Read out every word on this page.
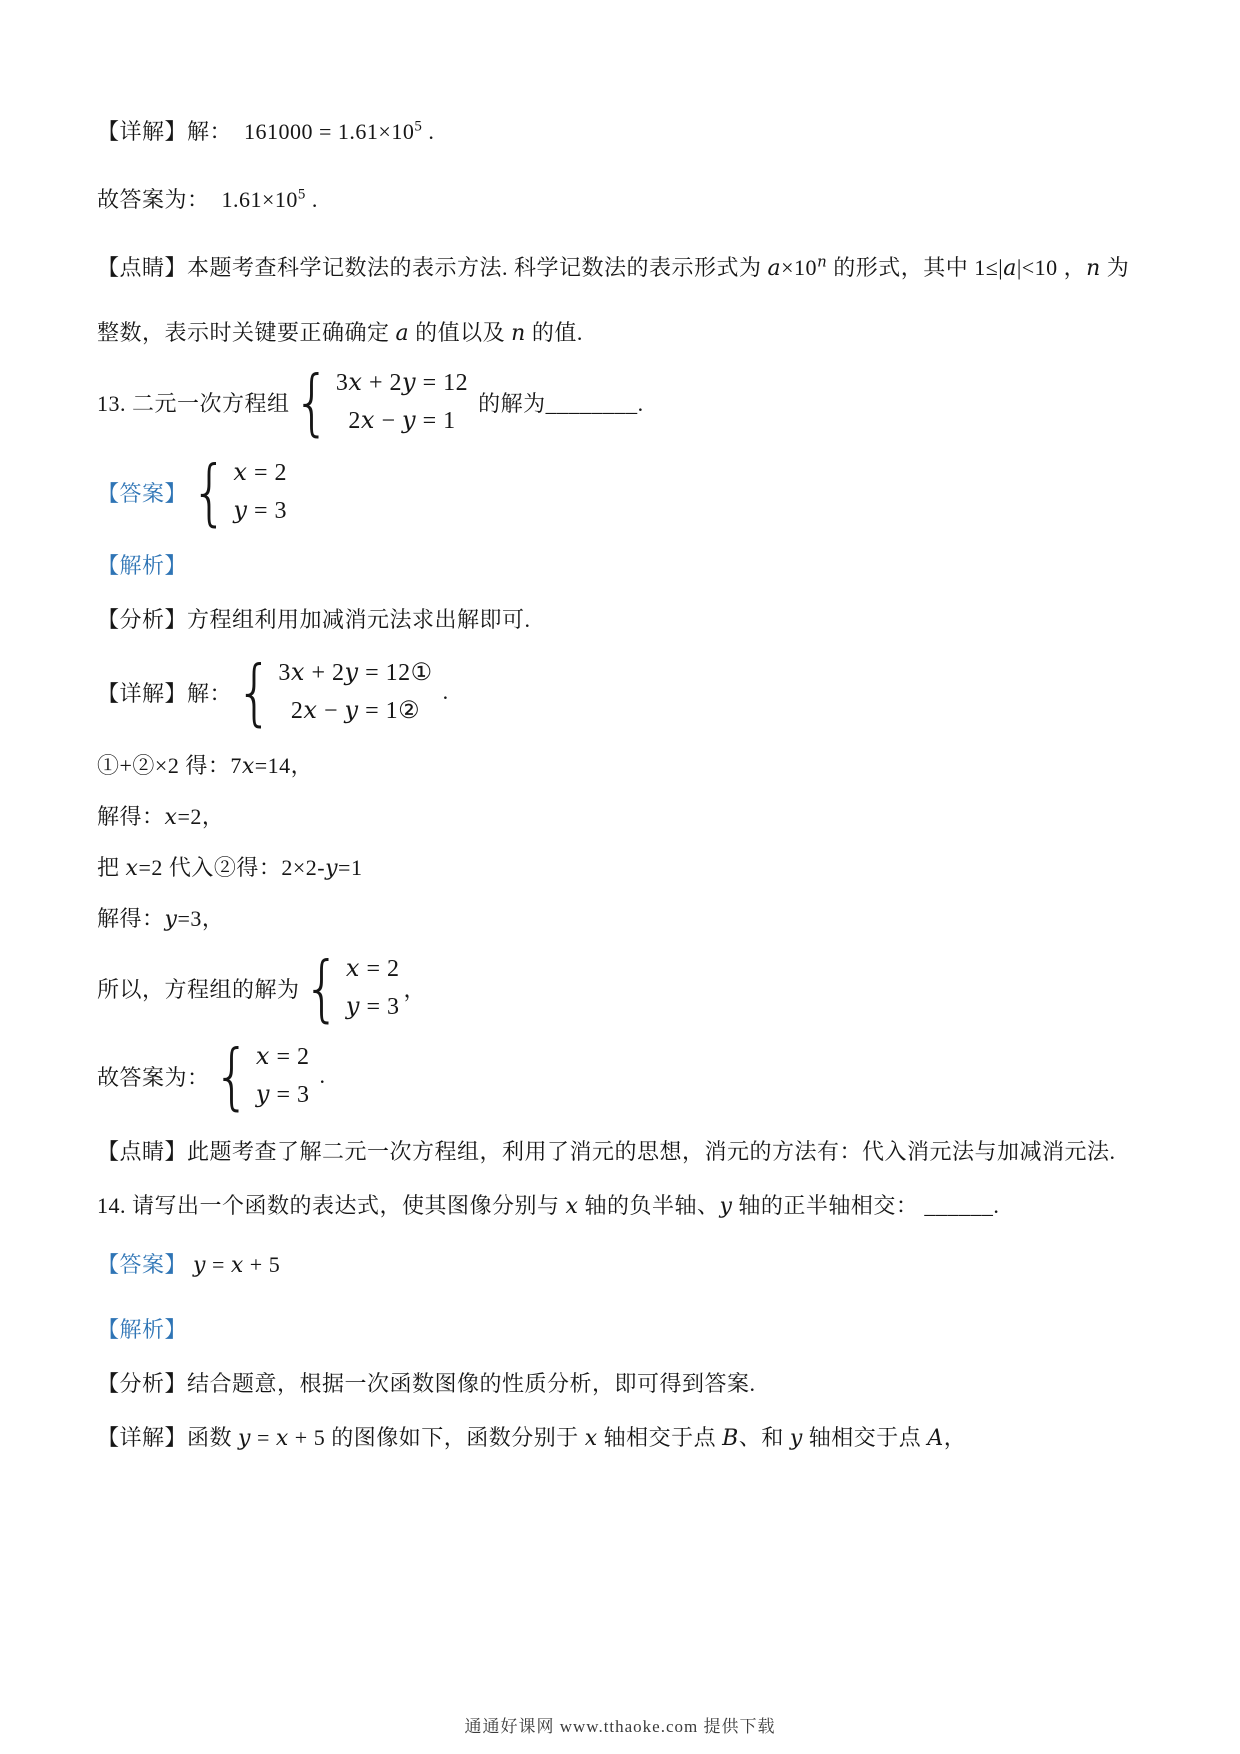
【详解】解：  $161000 = 1.61\times 10^5$ .

故答案为：  $1.61\times 10^5$ .

【点睛】本题考查科学记数法的表示方法. 科学记数法的表示形式为 $a\times 10^n$ 的形式，其中 1≤|a|<10 ，n 为

整数，表示时关键要正确确定 a 的值以及 n 的值.

13. 二元一次方程组
{
3x + 2y = 12
2x − y = 1
的解为________.
【答案】
{
x = 2
y = 3

【解析】

【分析】方程组利用加减消元法求出解即可.

【详解】解：
{
3x + 2y = 12①
2x − y = 1②
.

①+②×2 得：7x=14，

解得：x=2，

把 x=2 代入②得：2×2-y=1

解得：y=3，

所以，方程组的解为
{
x = 2
y = 3
，
故答案为：
{
x = 2
y = 3
.

【点睛】此题考查了解二元一次方程组，利用了消元的思想，消元的方法有：代入消元法与加减消元法.

14. 请写出一个函数的表达式，使其图像分别与 x 轴的负半轴、y 轴的正半轴相交： ______.

【答案】 y = x + 5

【解析】

【分析】结合题意，根据一次函数图像的性质分析，即可得到答案.

【详解】函数 y = x + 5 的图像如下，函数分别于 x 轴相交于点 B、和 y 轴相交于点 A，

通通好课网 www.tthaoke.com 提供下载
